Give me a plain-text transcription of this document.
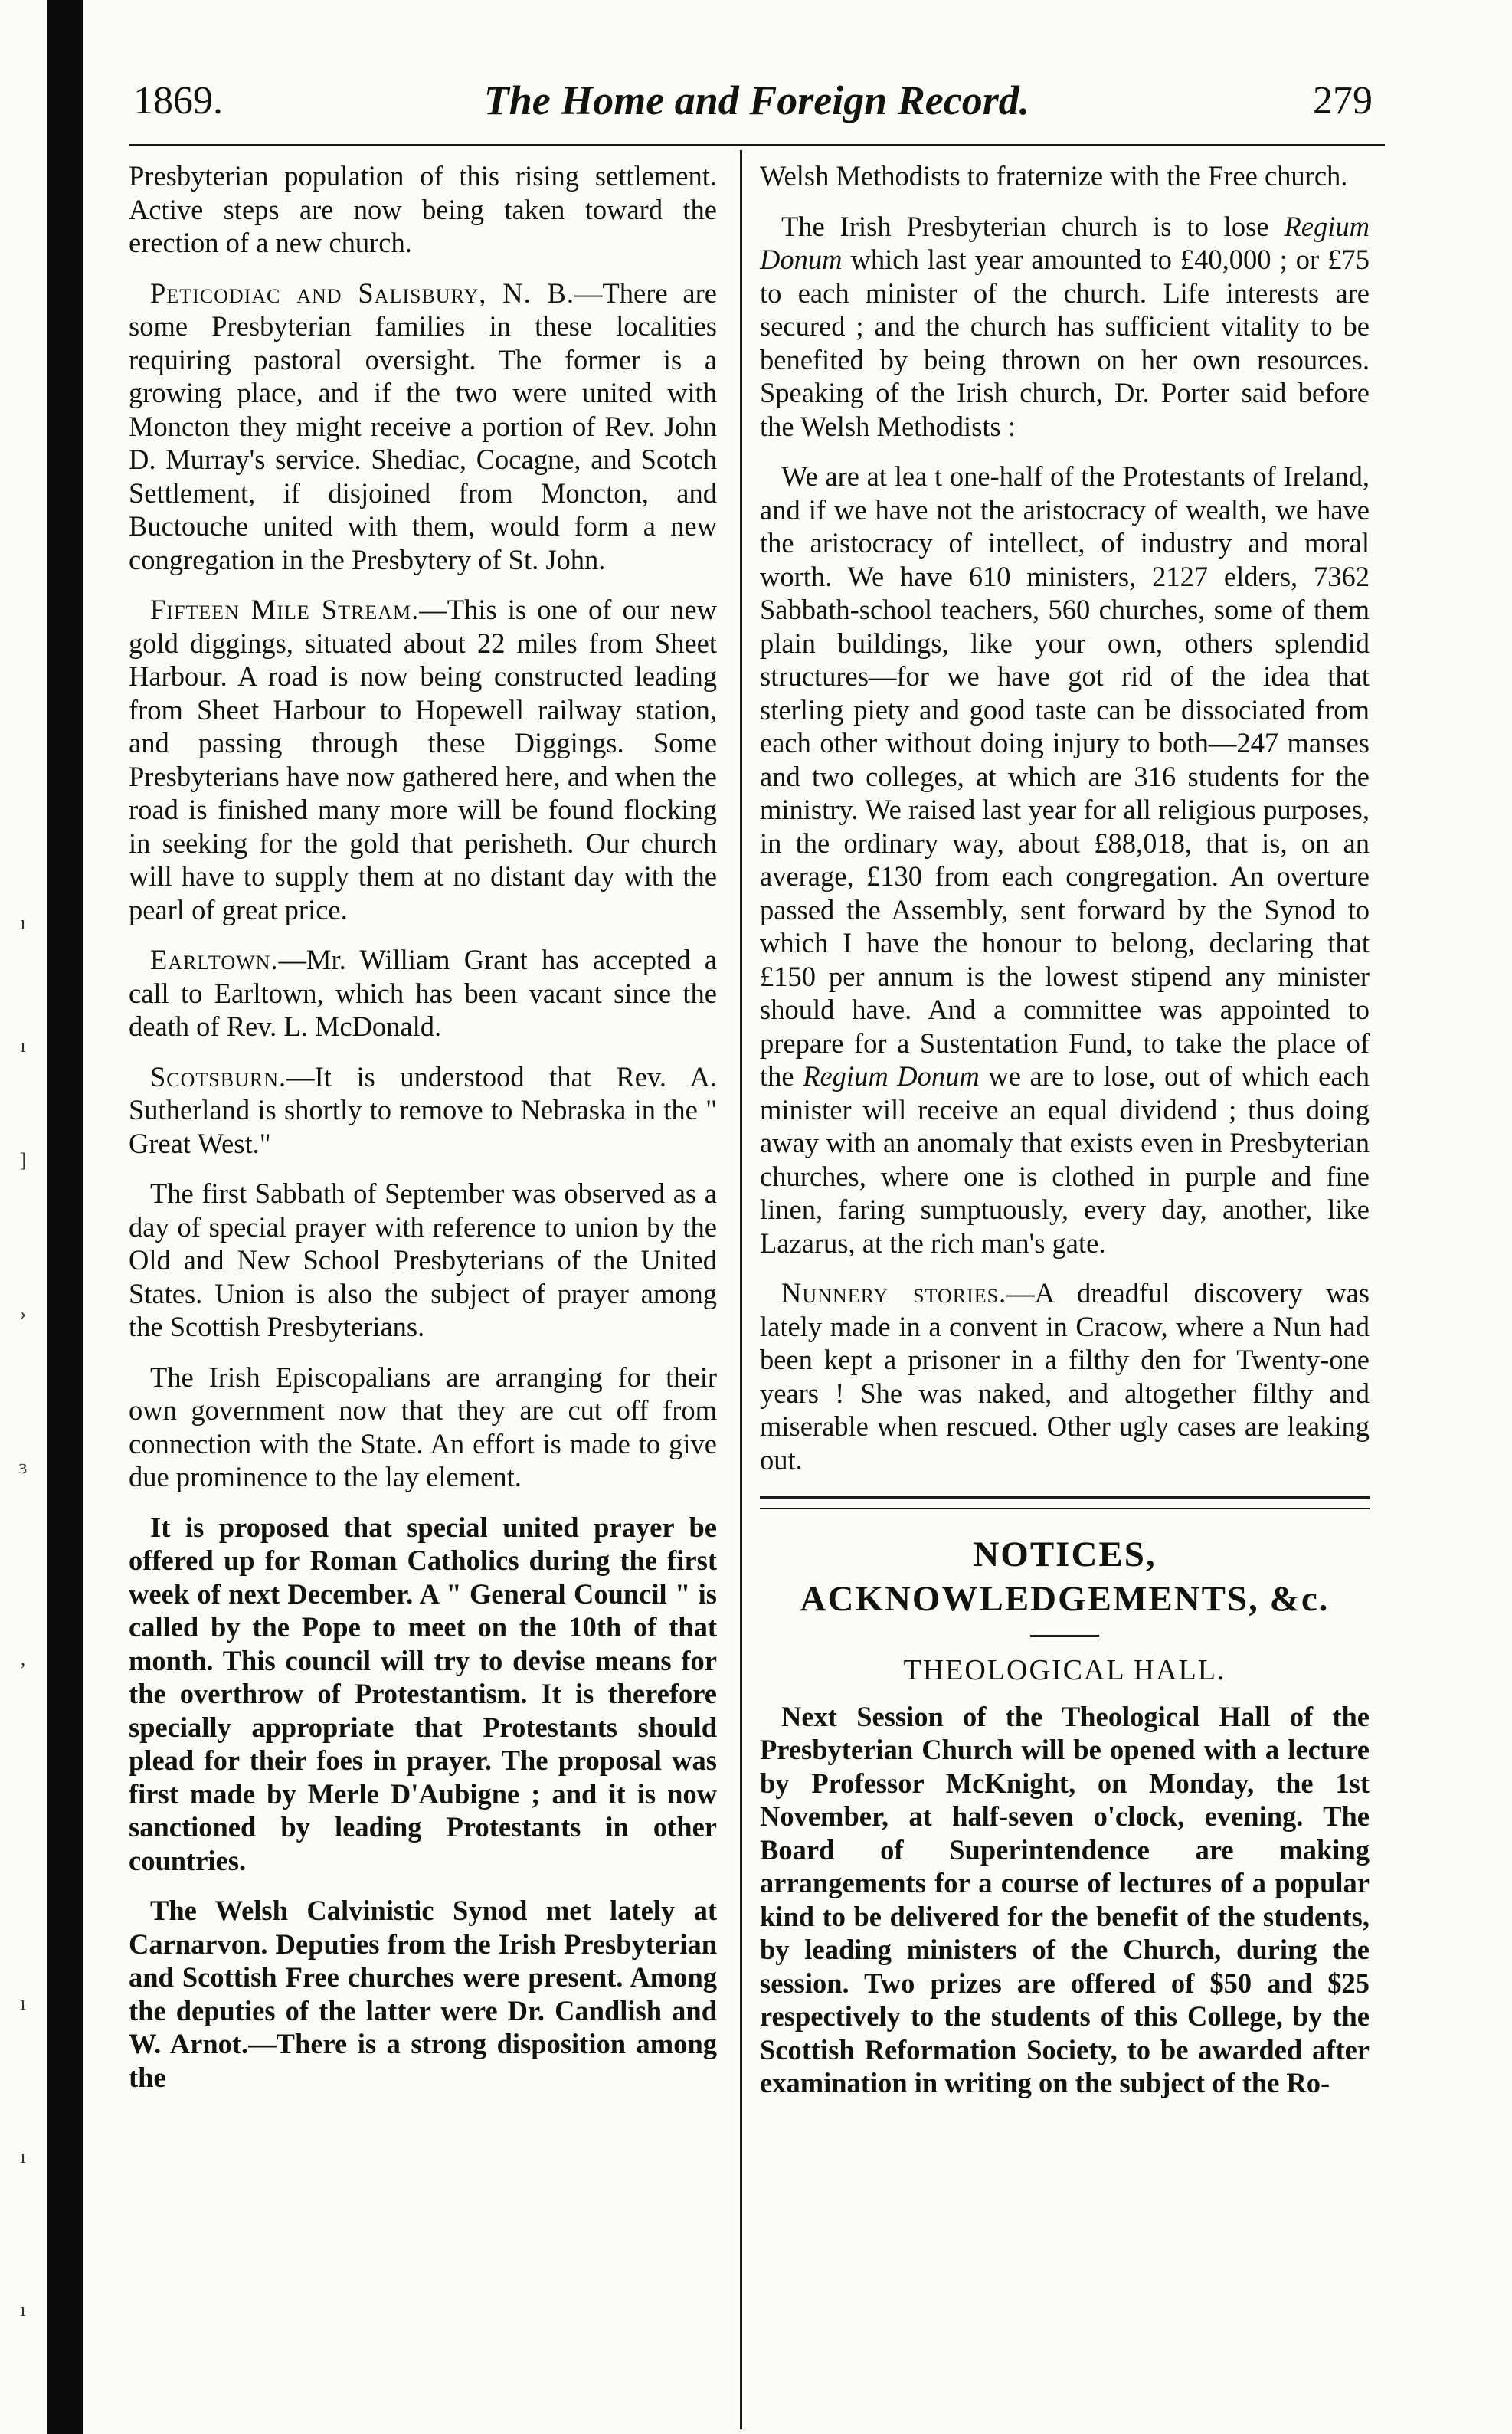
ı
ı
]
›
ɜ
,
ı
ı
ı
1869.	The Home and Foreign Record.	279

Presbyterian population of this rising settlement. Active steps are now being taken toward the erection of a new church.

Peticodiac and Salisbury, N. B.—There are some Presbyterian families in these localities requiring pastoral oversight. The former is a growing place, and if the two were united with Moncton they might receive a portion of Rev. John D. Murray's service. Shediac, Cocagne, and Scotch Settlement, if disjoined from Moncton, and Buctouche united with them, would form a new congregation in the Presbytery of St. John.

Fifteen Mile Stream.—This is one of our new gold diggings, situated about 22 miles from Sheet Harbour. A road is now being constructed leading from Sheet Harbour to Hopewell railway station, and passing through these Diggings. Some Presbyterians have now gathered here, and when the road is finished many more will be found flocking in seeking for the gold that perisheth. Our church will have to supply them at no distant day with the pearl of great price.

Earltown.—Mr. William Grant has accepted a call to Earltown, which has been vacant since the death of Rev. L. McDonald.

Scotsburn.—It is understood that Rev. A. Sutherland is shortly to remove to Nebraska in the " Great West."

The first Sabbath of September was observed as a day of special prayer with reference to union by the Old and New School Presbyterians of the United States. Union is also the subject of prayer among the Scottish Presbyterians.

The Irish Episcopalians are arranging for their own government now that they are cut off from connection with the State. An effort is made to give due prominence to the lay element.

It is proposed that special united prayer be offered up for Roman Catholics during the first week of next December. A " General Council " is called by the Pope to meet on the 10th of that month. This council will try to devise means for the overthrow of Protestantism. It is therefore specially appropriate that Protestants should plead for their foes in prayer. The proposal was first made by Merle D'Aubigne ; and it is now sanctioned by leading Protestants in other countries.

The Welsh Calvinistic Synod met lately at Carnarvon. Deputies from the Irish Presbyterian and Scottish Free churches were present. Among the deputies of the latter were Dr. Candlish and W. Arnot.—There is a strong disposition among the

Welsh Methodists to fraternize with the Free church.

The Irish Presbyterian church is to lose Regium Donum which last year amounted to £40,000 ; or £75 to each minister of the church. Life interests are secured ; and the church has sufficient vitality to be benefited by being thrown on her own resources. Speaking of the Irish church, Dr. Porter said before the Welsh Methodists :

We are at lea t one-half of the Protestants of Ireland, and if we have not the aristocracy of wealth, we have the aristocracy of intellect, of industry and moral worth. We have 610 ministers, 2127 elders, 7362 Sabbath-school teachers, 560 churches, some of them plain buildings, like your own, others splendid structures—for we have got rid of the idea that sterling piety and good taste can be dissociated from each other without doing injury to both—247 manses and two colleges, at which are 316 students for the ministry. We raised last year for all religious purposes, in the ordinary way, about £88,018, that is, on an average, £130 from each congregation. An overture passed the Assembly, sent forward by the Synod to which I have the honour to belong, declaring that £150 per annum is the lowest stipend any minister should have. And a committee was appointed to prepare for a Sustentation Fund, to take the place of the Regium Donum we are to lose, out of which each minister will receive an equal dividend ; thus doing away with an anomaly that exists even in Presbyterian churches, where one is clothed in purple and fine linen, faring sumptuously, every day, another, like Lazarus, at the rich man's gate.

Nunnery stories.—A dreadful discovery was lately made in a convent in Cracow, where a Nun had been kept a prisoner in a filthy den for Twenty-one years ! She was naked, and altogether filthy and miserable when rescued. Other ugly cases are leaking out.

NOTICES, ACKNOWLEDGEMENTS, &c.
THEOLOGICAL HALL.

Next Session of the Theological Hall of the Presbyterian Church will be opened with a lecture by Professor McKnight, on Monday, the 1st November, at half-seven o'clock, evening. The Board of Superintendence are making arrangements for a course of lectures of a popular kind to be delivered for the benefit of the students, by leading ministers of the Church, during the session. Two prizes are offered of $50 and $25 respectively to the students of this College, by the Scottish Reformation Society, to be awarded after examination in writing on the subject of the Ro-
